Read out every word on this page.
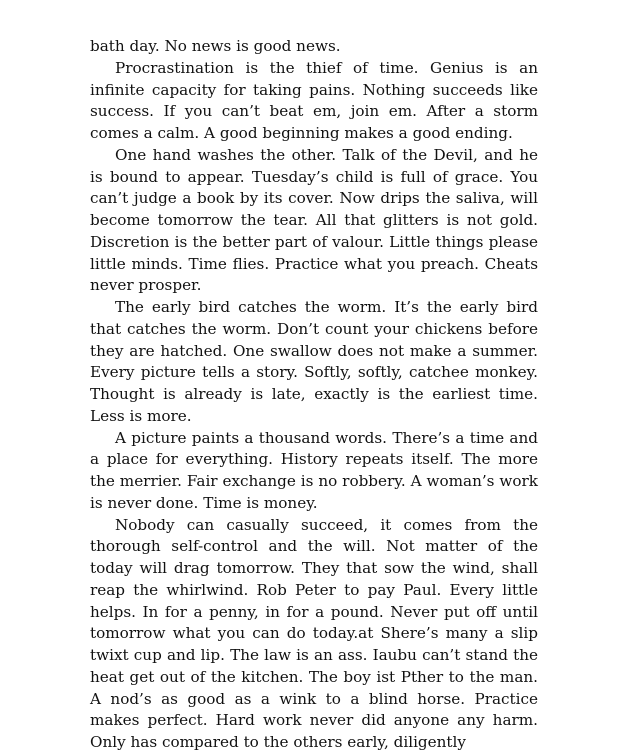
bath day. No news is good news.

Procrastination is the thief of time. Genius is an infinite capacity for taking pains. Nothing succeeds like success. If you can’t beat em, join em. After a storm comes a calm. A good beginning makes a good ending.

One hand washes the other. Talk of the Devil, and he is bound to appear. Tuesday’s child is full of grace. You can’t judge a book by its cover. Now drips the saliva, will become tomorrow the tear. All that glitters is not gold. Discretion is the better part of valour. Little things please little minds. Time flies. Practice what you preach. Cheats never prosper.

The early bird catches the worm. It’s the early bird that catches the worm. Don’t count your chickens before they are hatched. One swallow does not make a summer. Every picture tells a story. Softly, softly, catchee monkey. Thought is already is late, exactly is the earliest time. Less is more.

A picture paints a thousand words. There’s a time and a place for everything. History repeats itself. The more the merrier. Fair exchange is no robbery. A woman’s work is never done. Time is money.

Nobody can casually succeed, it comes from the thorough self-control and the will. Not matter of the today will drag tomorrow. They that sow the wind, shall reap the whirlwind. Rob Peter to pay Paul. Every little helps. In for a penny, in for a pound. Never put off until tomorrow what you can do today.at Shere’s many a slip twixt cup and lip. The law is an ass. Iaubu can’t stand the heat get out of the kitchen. The boy ist Pther to the man. A nod’s as good as a wink to a blind horse. Practice makes perfect. Hard work never did anyone any harm. Only has compared to the others early, diligently
